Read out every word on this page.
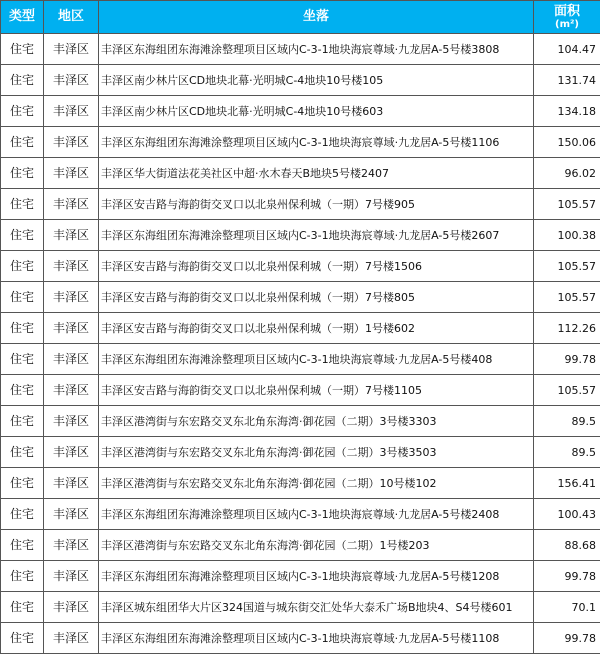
类型	地区	坐落	面积
(m²)

住宅	丰泽区	丰泽区东海组团东海滩涂整理项目区域内C-3-1地块海宸尊域·九龙居A-5号楼3808	104.47
住宅	丰泽区	丰泽区南少林片区CD地块北幕·光明城C-4地块10号楼105	131.74
住宅	丰泽区	丰泽区南少林片区CD地块北幕·光明城C-4地块10号楼603	134.18
住宅	丰泽区	丰泽区东海组团东海滩涂整理项目区域内C-3-1地块海宸尊域·九龙居A-5号楼1106	150.06
住宅	丰泽区	丰泽区华大街道法花美社区中超·水木春天B地块5号楼2407	96.02
住宅	丰泽区	丰泽区安吉路与海韵街交叉口以北泉州保利城（一期）7号楼905	105.57
住宅	丰泽区	丰泽区东海组团东海滩涂整理项目区域内C-3-1地块海宸尊域·九龙居A-5号楼2607	100.38
住宅	丰泽区	丰泽区安吉路与海韵街交叉口以北泉州保利城（一期）7号楼1506	105.57
住宅	丰泽区	丰泽区安吉路与海韵街交叉口以北泉州保利城（一期）7号楼805	105.57
住宅	丰泽区	丰泽区安吉路与海韵街交叉口以北泉州保利城（一期）1号楼602	112.26
住宅	丰泽区	丰泽区东海组团东海滩涂整理项目区域内C-3-1地块海宸尊域·九龙居A-5号楼408	99.78
住宅	丰泽区	丰泽区安吉路与海韵街交叉口以北泉州保利城（一期）7号楼1105	105.57
住宅	丰泽区	丰泽区港湾街与东宏路交叉东北角东海湾·御花园（二期）3号楼3303	89.5
住宅	丰泽区	丰泽区港湾街与东宏路交叉东北角东海湾·御花园（二期）3号楼3503	89.5
住宅	丰泽区	丰泽区港湾街与东宏路交叉东北角东海湾·御花园（二期）10号楼102	156.41
住宅	丰泽区	丰泽区东海组团东海滩涂整理项目区域内C-3-1地块海宸尊域·九龙居A-5号楼2408	100.43
住宅	丰泽区	丰泽区港湾街与东宏路交叉东北角东海湾·御花园（二期）1号楼203	88.68
住宅	丰泽区	丰泽区东海组团东海滩涂整理项目区域内C-3-1地块海宸尊域·九龙居A-5号楼1208	99.78
住宅	丰泽区	丰泽区城东组团华大片区324国道与城东街交汇处华大泰禾广场B地块4、S4号楼601	70.1
住宅	丰泽区	丰泽区东海组团东海滩涂整理项目区域内C-3-1地块海宸尊域·九龙居A-5号楼1108	99.78
